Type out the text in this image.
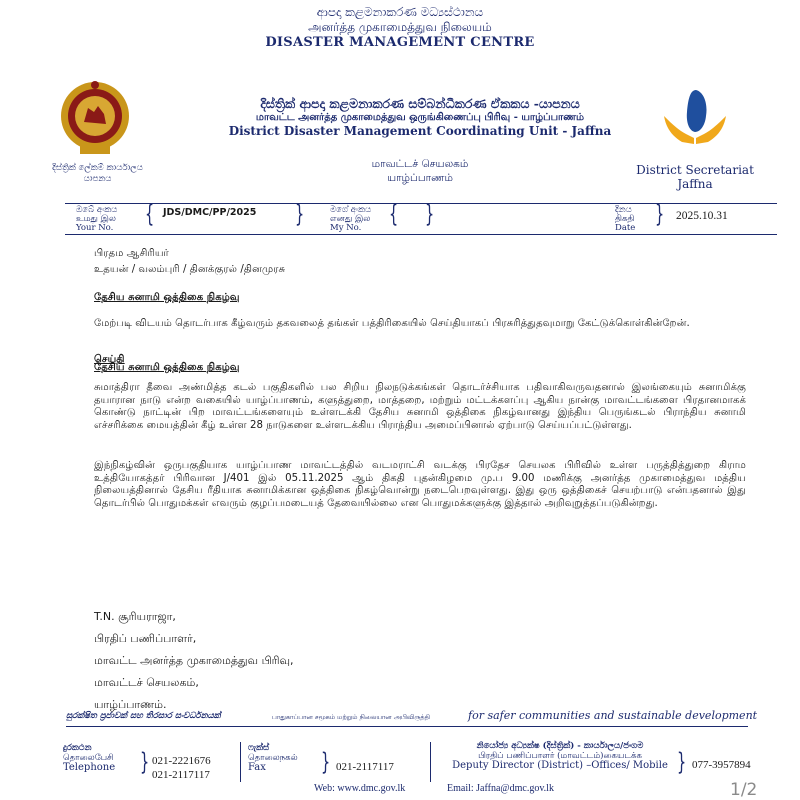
ආපදා කළමනාකරණ මධ්‍යස්ථානය
அனர்த்த முகாமைத்துவ நிலையம்
DISASTER MANAGEMENT CENTRE
දිස්ත්‍රික් ලේකම් කාර්යාලය
යාපනය
දිස්ත්‍රික් ආපදා කළමනාකරණ සම්බන්ධීකරණ ඒකකය -යාපනය
மாவட்ட அனர்த்த முகாமைத்துவ ஒருங்கிணைப்பு பிரிவு - யாழ்ப்பாணம்
District Disaster Management Coordinating Unit - Jaffna
மாவட்டச் செயலகம்
யாழ்ப்பாணம்
District Secretariat
Jaffna
ඔබේ අංකය
உமது இல
Your No. { JDS/DMC/PP/2025 }	මගේ අංකය
எனது இல
My No.	{ }	දිනය
திகதி
Date } 2025.10.31
பிரதம ஆசிரியர்
உதயன் / வலம்புரி / தினக்குரல் /தினமுரசு
தேசிய சுனாமி ஒத்திகை நிகழ்வு
மேற்படி விடயம் தொடர்பாக கீழ்வரும் தகவலைத் தங்கள் பத்திரிகையில் செய்தியாகப் பிரசுரித்துதவுமாறு கேட்டுக்கொள்கின்றேன்.
செய்தி
தேசிய சுனாமி ஒத்திகை நிகழ்வு
சுமாத்திரா தீவை அண்மித்த கடல் பகுதிகளில் பல சிறிய நிலநடுக்கங்கள் தொடர்ச்சியாக பதிவாகிவருவதனால் இலங்கையும் சுனாமிக்கு தயாரான நாடு என்ற வகையில் யாழ்ப்பாணம், களுத்துறை, மாத்தறை, மற்றும் மட்டக்களப்பு ஆகிய நான்கு மாவட்டங்களை பிரதானமாகக் கொண்டு நாட்டின் பிற மாவட்டங்களையும் உள்ளடக்கி தேசிய சுனாமி ஒத்திகை நிகழ்வானது இந்திய பெருங்கடல் பிராந்திய சுனாமி எச்சரிக்கை மையத்தின் கீழ் உள்ள 28 நாடுகளை உள்ளடக்கிய பிராந்திய அமைப்பினால் ஏற்பாடு செய்யப்பட்டுள்ளது.
இந்நிகழ்வின் ஒருபகுதியாக யாழ்ப்பாண மாவட்டத்தில் வடமராட்சி வடக்கு பிரதேச செயலக பிரிவில் உள்ள பருத்தித்துறை கிராம உத்தியோகத்தர் பிரிவான J/401 இல் 05.11.2025 ஆம் திகதி புதன்கிழமை மு.ப 9.00 மணிக்கு அனர்த்த முகாமைத்துவ மத்திய நிலையத்தினால் தேசிய ரீதியாக சுனாமிக்கான ஒத்திகை நிகழ்வொன்று நடைபெறவுள்ளது. இது ஒரு ஒத்திகைச் செயற்பாடு என்பதனால் இது தொடர்பில் பொதுமக்கள் எவரும் குழப்பமடையத் தேவையில்லை என பொதுமக்களுக்கு இத்தால் அறிவுறுத்தப்படுகின்றது.
T.N. சூரியராஜா,
பிரதிப் பணிப்பாளர்,
மாவட்ட அனர்த்த முகாமைத்துவ பிரிவு,
மாவட்டச் செயலகம்,
யாழ்ப்பாணம்.
සුරක්ෂිත ප්‍රජාවක් සහ තිරසාර සංවර්ධනයක්	பாதுகாப்பான சமூகம் மற்றும் நிலையான அபிவிருத்தி	for safer communities and sustainable development
දුරකථන
தொலைபேசி
Telephone } 021-2221676
021-2117117
ෆැක්ස්
தொலைநகல்
Fax	} 021-2117117
නියෝජ්‍ය අධ්‍යක්ෂ (දිස්ත්‍රික්) - කාර්යාලය/ජංගම
பிரதிப் பணிப்பாளர் (மாவட்டம்)கையடக்க
Deputy Director (District) –Offices/ Mobile } 077-3957894
Web: www.dmc.gov.lk	Email: Jaffna@dmc.gov.lk	1/2
